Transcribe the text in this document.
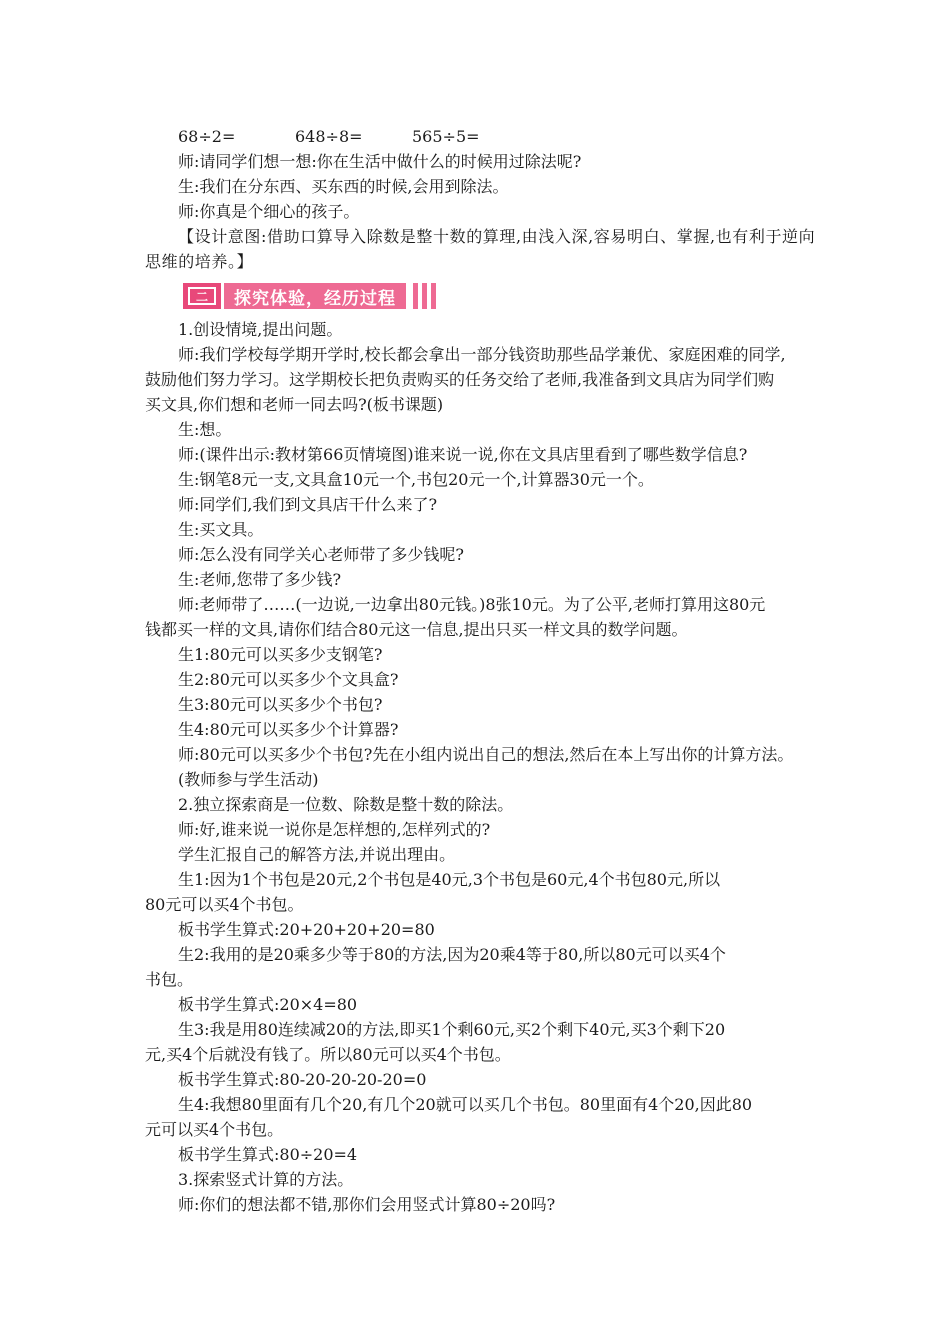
68÷2=	648÷8=	565÷5=
师:请同学们想一想:你在生活中做什么的时候用过除法呢?
生:我们在分东西、买东西的时候,会用到除法。
师:你真是个细心的孩子。
【设计意图:借助口算导入除数是整十数的算理,由浅入深,容易明白、掌握,也有利于逆向
思维的培养。】
二	探究体验，经历过程
1.创设情境,提出问题。
师:我们学校每学期开学时,校长都会拿出一部分钱资助那些品学兼优、家庭困难的同学,
鼓励他们努力学习。这学期校长把负责购买的任务交给了老师,我准备到文具店为同学们购
买文具,你们想和老师一同去吗?(板书课题)
生:想。
师:(课件出示:教材第66页情境图)谁来说一说,你在文具店里看到了哪些数学信息?
生:钢笔8元一支,文具盒10元一个,书包20元一个,计算器30元一个。
师:同学们,我们到文具店干什么来了?
生:买文具。
师:怎么没有同学关心老师带了多少钱呢?
生:老师,您带了多少钱?
师:老师带了……(一边说,一边拿出80元钱。)8张10元。为了公平,老师打算用这80元
钱都买一样的文具,请你们结合80元这一信息,提出只买一样文具的数学问题。
生1:80元可以买多少支钢笔?
生2:80元可以买多少个文具盒?
生3:80元可以买多少个书包?
生4:80元可以买多少个计算器?
师:80元可以买多少个书包?先在小组内说出自己的想法,然后在本上写出你的计算方法。
(教师参与学生活动)
2.独立探索商是一位数、除数是整十数的除法。
师:好,谁来说一说你是怎样想的,怎样列式的?
学生汇报自己的解答方法,并说出理由。
生1:因为1个书包是20元,2个书包是40元,3个书包是60元,4个书包80元,所以
80元可以买4个书包。
板书学生算式:20+20+20+20=80
生2:我用的是20乘多少等于80的方法,因为20乘4等于80,所以80元可以买4个
书包。
板书学生算式:20×4=80
生3:我是用80连续减20的方法,即买1个剩60元,买2个剩下40元,买3个剩下20
元,买4个后就没有钱了。所以80元可以买4个书包。
板书学生算式:80-20-20-20-20=0
生4:我想80里面有几个20,有几个20就可以买几个书包。80里面有4个20,因此80
元可以买4个书包。
板书学生算式:80÷20=4
3.探索竖式计算的方法。
师:你们的想法都不错,那你们会用竖式计算80÷20吗?
